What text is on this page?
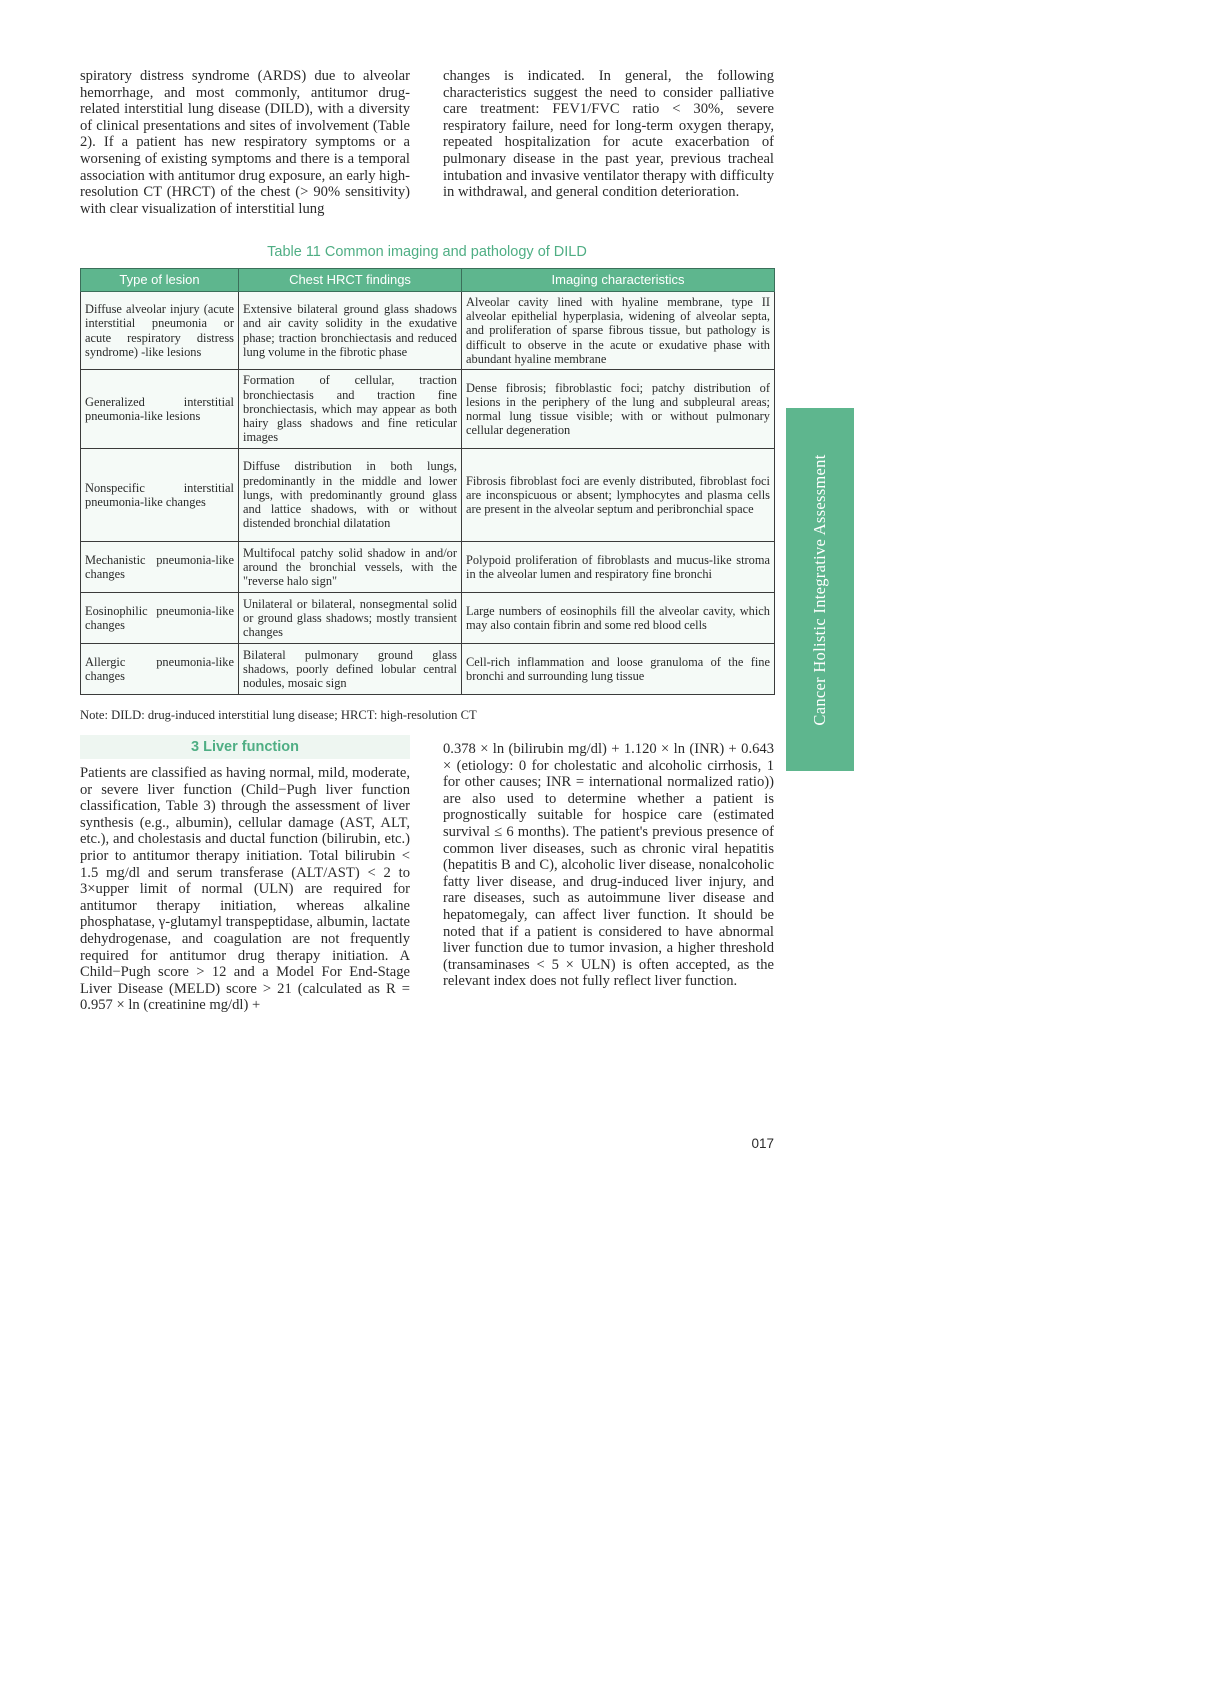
spiratory distress syndrome (ARDS) due to alveolar hemorrhage, and most commonly, antitumor drug-related interstitial lung disease (DILD), with a diversity of clinical presentations and sites of involvement (Table 2). If a patient has new respiratory symptoms or a worsening of existing symptoms and there is a temporal association with antitumor drug exposure, an early high-resolution CT (HRCT) of the chest (> 90% sensitivity) with clear visualization of interstitial lung

changes is indicated. In general, the following characteristics suggest the need to consider palliative care treatment: FEV1/FVC ratio < 30%, severe respiratory failure, need for long-term oxygen therapy, repeated hospitalization for acute exacerbation of pulmonary disease in the past year, previous tracheal intubation and invasive ventilator therapy with difficulty in withdrawal, and general condition deterioration.

Table 11 Common imaging and pathology of DILD
Type of lesion	Chest HRCT findings	Imaging characteristics
Diffuse alveolar injury (acute interstitial pneumonia or acute respiratory distress syndrome) -like lesions	Extensive bilateral ground glass shadows and air cavity solidity in the exudative phase; traction bronchiectasis and reduced lung volume in the fibrotic phase	Alveolar cavity lined with hyaline membrane, type II alveolar epithelial hyperplasia, widening of alveolar septa, and proliferation of sparse fibrous tissue, but pathology is difficult to observe in the acute or exudative phase with abundant hyaline membrane
Generalized interstitial pneumonia-like lesions	Formation of cellular, traction bronchiectasis and traction fine bronchiectasis, which may appear as both hairy glass shadows and fine reticular images	Dense fibrosis; fibroblastic foci; patchy distribution of lesions in the periphery of the lung and subpleural areas; normal lung tissue visible; with or without pulmonary cellular degeneration
Nonspecific interstitial pneumonia-like changes	Diffuse distribution in both lungs, predominantly in the middle and lower lungs, with predominantly ground glass and lattice shadows, with or without distended bronchial dilatation	Fibrosis fibroblast foci are evenly distributed, fibroblast foci are inconspicuous or absent; lymphocytes and plasma cells are present in the alveolar septum and peribronchial space
Mechanistic pneumonia-like changes	Multifocal patchy solid shadow in and/or around the bronchial vessels, with the "reverse halo sign"	Polypoid proliferation of fibroblasts and mucus-like stroma in the alveolar lumen and respiratory fine bronchi
Eosinophilic pneumonia-like changes	Unilateral or bilateral, nonsegmental solid or ground glass shadows; mostly transient changes	Large numbers of eosinophils fill the alveolar cavity, which may also contain fibrin and some red blood cells
Allergic pneumonia-like changes	Bilateral pulmonary ground glass shadows, poorly defined lobular central nodules, mosaic sign	Cell-rich inflammation and loose granuloma of the fine bronchi and surrounding lung tissue
Note: DILD: drug-induced interstitial lung disease; HRCT: high-resolution CT
3 Liver function

Patients are classified as having normal, mild, moderate, or severe liver function (Child−Pugh liver function classification, Table 3) through the assessment of liver synthesis (e.g., albumin), cellular damage (AST, ALT, etc.), and cholestasis and ductal function (bilirubin, etc.) prior to antitumor therapy initiation. Total bilirubin < 1.5 mg/dl and serum transferase (ALT/AST) < 2 to 3×upper limit of normal (ULN) are required for antitumor therapy initiation, whereas alkaline phosphatase, γ-glutamyl transpeptidase, albumin, lactate dehydrogenase, and coagulation are not frequently required for antitumor drug therapy initiation. A Child−Pugh score > 12 and a Model For End-Stage Liver Disease (MELD) score > 21 (calculated as R = 0.957 × ln (creatinine mg/dl) +

0.378 × ln (bilirubin mg/dl) + 1.120 × ln (INR) + 0.643 × (etiology: 0 for cholestatic and alcoholic cirrhosis, 1 for other causes; INR = international normalized ratio)) are also used to determine whether a patient is prognostically suitable for hospice care (estimated survival ≤ 6 months). The patient's previous presence of common liver diseases, such as chronic viral hepatitis (hepatitis B and C), alcoholic liver disease, nonalcoholic fatty liver disease, and drug-induced liver injury, and rare diseases, such as autoimmune liver disease and hepatomegaly, can affect liver function. It should be noted that if a patient is considered to have abnormal liver function due to tumor invasion, a higher threshold (transaminases < 5 × ULN) is often accepted, as the relevant index does not fully reflect liver function.

Cancer Holistic Integrative Assessment
017
